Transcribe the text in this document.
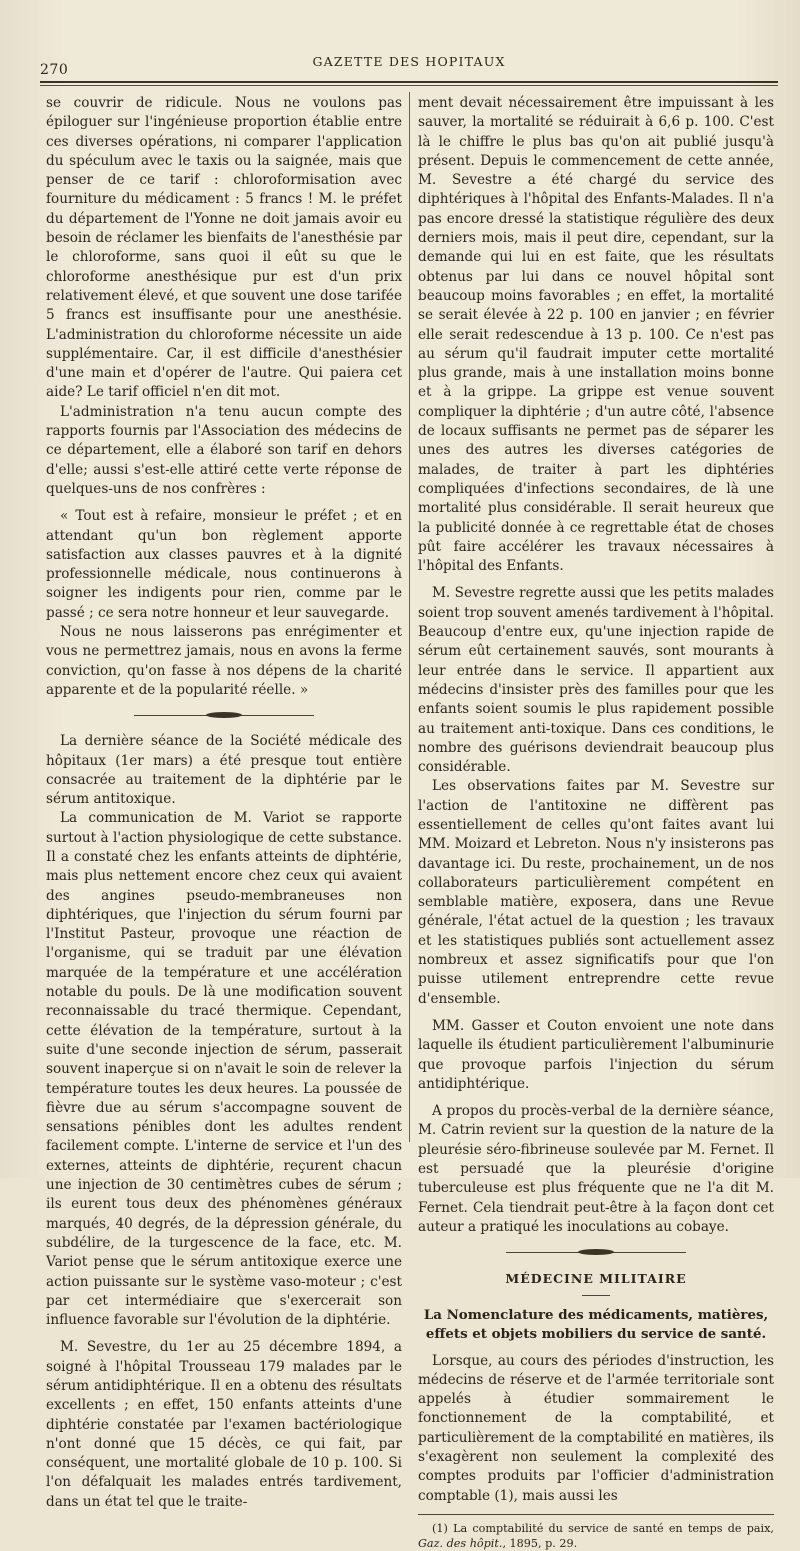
270
GAZETTE DES HOPITAUX

se couvrir de ridicule. Nous ne voulons pas épiloguer sur l'ingénieuse proportion établie entre ces diverses opérations, ni comparer l'application du spéculum avec le taxis ou la saignée, mais que penser de ce tarif : chloroformisation avec fourniture du médicament : 5 francs ! M. le préfet du département de l'Yonne ne doit jamais avoir eu besoin de réclamer les bienfaits de l'anesthésie par le chloroforme, sans quoi il eût su que le chloroforme anesthésique pur est d'un prix relativement élevé, et que souvent une dose tarifée 5 francs est insuffisante pour une anesthésie. L'administration du chloroforme nécessite un aide supplémentaire. Car, il est difficile d'anesthésier d'une main et d'opérer de l'autre. Qui paiera cet aide? Le tarif officiel n'en dit mot.

L'administration n'a tenu aucun compte des rapports fournis par l'Association des médecins de ce département, elle a élaboré son tarif en dehors d'elle; aussi s'est-elle attiré cette verte réponse de quelques-uns de nos confrères :

« Tout est à refaire, monsieur le préfet ; et en attendant qu'un bon règlement apporte satisfaction aux classes pauvres et à la dignité professionnelle médicale, nous continuerons à soigner les indigents pour rien, comme par le passé ; ce sera notre honneur et leur sauvegarde.

Nous ne nous laisserons pas enrégimenter et vous ne permettrez jamais, nous en avons la ferme conviction, qu'on fasse à nos dépens de la charité apparente et de la popularité réelle. »

La dernière séance de la Société médicale des hôpitaux (1er mars) a été presque tout entière consacrée au traitement de la diphtérie par le sérum antitoxique.

La communication de M. Variot se rapporte surtout à l'action physiologique de cette substance. Il a constaté chez les enfants atteints de diphtérie, mais plus nettement encore chez ceux qui avaient des angines pseudo-membraneuses non diphtériques, que l'injection du sérum fourni par l'Institut Pasteur, provoque une réaction de l'organisme, qui se traduit par une élévation marquée de la température et une accélération notable du pouls. De là une modification souvent reconnaissable du tracé thermique. Cependant, cette élévation de la température, surtout à la suite d'une seconde injection de sérum, passerait souvent inaperçue si on n'avait le soin de relever la température toutes les deux heures. La poussée de fièvre due au sérum s'accompagne souvent de sensations pénibles dont les adultes rendent facilement compte. L'interne de service et l'un des externes, atteints de diphtérie, reçurent chacun une injection de 30 centimètres cubes de sérum ; ils eurent tous deux des phénomènes généraux marqués, 40 degrés, de la dépression générale, du subdélire, de la turgescence de la face, etc. M. Variot pense que le sérum antitoxique exerce une action puissante sur le système vaso-moteur ; c'est par cet intermédiaire que s'exercerait son influence favorable sur l'évolution de la diphtérie.

M. Sevestre, du 1er au 25 décembre 1894, a soigné à l'hôpital Trousseau 179 malades par le sérum antidiphtérique. Il en a obtenu des résultats excellents ; en effet, 150 enfants atteints d'une diphtérie constatée par l'examen bactériologique n'ont donné que 15 décès, ce qui fait, par conséquent, une mortalité globale de 10 p. 100. Si l'on défalquait les malades entrés tardivement, dans un état tel que le traite-

ment devait nécessairement être impuissant à les sauver, la mortalité se réduirait à 6,6 p. 100. C'est là le chiffre le plus bas qu'on ait publié jusqu'à présent. Depuis le commencement de cette année, M. Sevestre a été chargé du service des diphtériques à l'hôpital des Enfants-Malades. Il n'a pas encore dressé la statistique régulière des deux derniers mois, mais il peut dire, cependant, sur la demande qui lui en est faite, que les résultats obtenus par lui dans ce nouvel hôpital sont beaucoup moins favorables ; en effet, la mortalité se serait élevée à 22 p. 100 en janvier ; en février elle serait redescendue à 13 p. 100. Ce n'est pas au sérum qu'il faudrait imputer cette mortalité plus grande, mais à une installation moins bonne et à la grippe. La grippe est venue souvent compliquer la diphtérie ; d'un autre côté, l'absence de locaux suffisants ne permet pas de séparer les unes des autres les diverses catégories de malades, de traiter à part les diphtéries compliquées d'infections secondaires, de là une mortalité plus considérable. Il serait heureux que la publicité donnée à ce regrettable état de choses pût faire accélérer les travaux nécessaires à l'hôpital des Enfants.

M. Sevestre regrette aussi que les petits malades soient trop souvent amenés tardivement à l'hôpital. Beaucoup d'entre eux, qu'une injection rapide de sérum eût certainement sauvés, sont mourants à leur entrée dans le service. Il appartient aux médecins d'insister près des familles pour que les enfants soient soumis le plus rapidement possible au traitement anti-toxique. Dans ces conditions, le nombre des guérisons deviendrait beaucoup plus considérable.

Les observations faites par M. Sevestre sur l'action de l'antitoxine ne diffèrent pas essentiellement de celles qu'ont faites avant lui MM. Moizard et Lebreton. Nous n'y insisterons pas davantage ici. Du reste, prochainement, un de nos collaborateurs particulièrement compétent en semblable matière, exposera, dans une Revue générale, l'état actuel de la question ; les travaux et les statistiques publiés sont actuellement assez nombreux et assez significatifs pour que l'on puisse utilement entreprendre cette revue d'ensemble.

MM. Gasser et Couton envoient une note dans laquelle ils étudient particulièrement l'albuminurie que provoque parfois l'injection du sérum antidiphtérique.

A propos du procès-verbal de la dernière séance, M. Catrin revient sur la question de la nature de la pleurésie séro-fibrineuse soulevée par M. Fernet. Il est persuadé que la pleurésie d'origine tuberculeuse est plus fréquente que ne l'a dit M. Fernet. Cela tiendrait peut-être à la façon dont cet auteur a pratiqué les inoculations au cobaye.

MÉDECINE MILITAIRE
La Nomenclature des médicaments, matières, effets et objets mobiliers du service de santé.

Lorsque, au cours des périodes d'instruction, les médecins de réserve et de l'armée territoriale sont appelés à étudier sommairement le fonctionnement de la comptabilité, et particulièrement de la comptabilité en matières, ils s'exagèrent non seulement la complexité des comptes produits par l'officier d'administration comptable (1), mais aussi les

(1) La comptabilité du service de santé en temps de paix, Gaz. des hôpit., 1895, p. 29.
